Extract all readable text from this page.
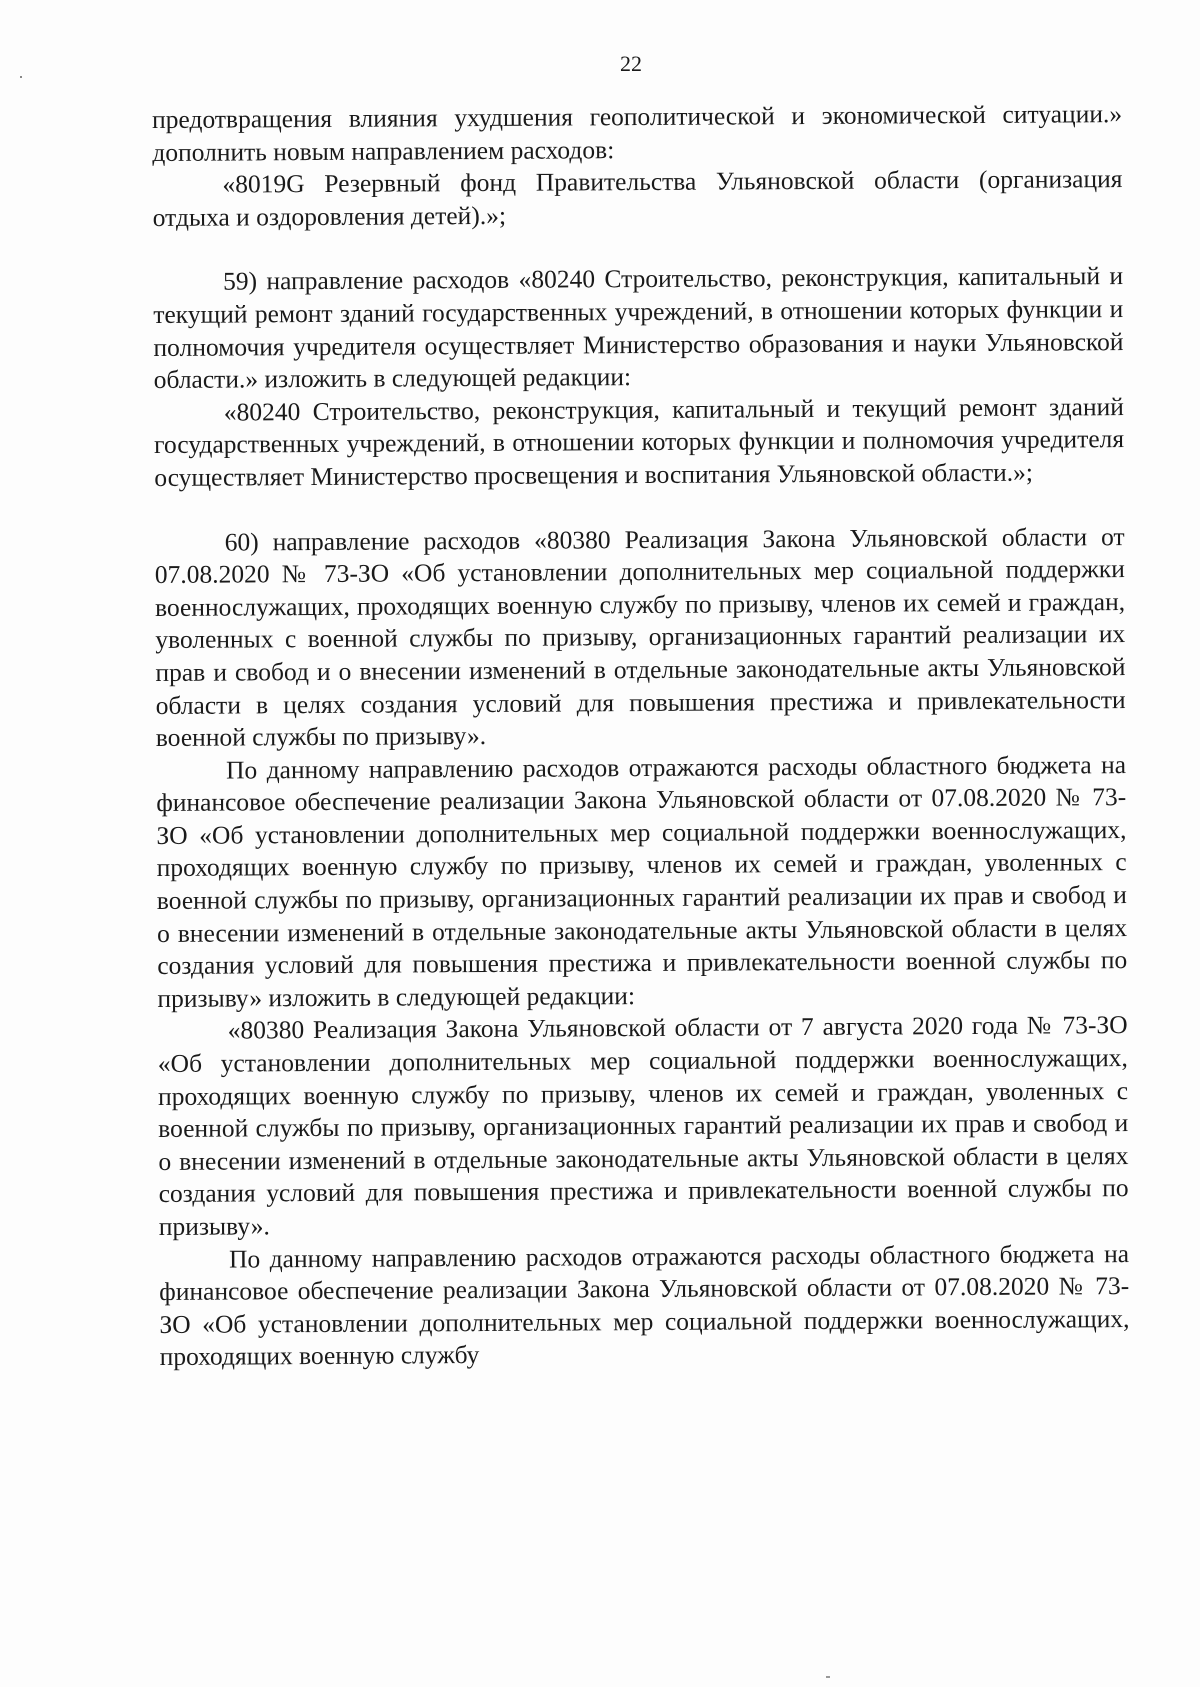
22

предотвращения влияния ухудшения геополитической и экономической ситуации.» дополнить новым направлением расходов:

«8019G Резервный фонд Правительства Ульяновской области (организация отдыха и оздоровления детей).»;

59) направление расходов «80240 Строительство, реконструкция, капитальный и текущий ремонт зданий государственных учреждений, в отношении которых функции и полномочия учредителя осуществляет Министерство образования и науки Ульяновской области.» изложить в следующей редакции:

«80240 Строительство, реконструкция, капитальный и текущий ремонт зданий государственных учреждений, в отношении которых функции и полномочия учредителя осуществляет Министерство просвещения и воспитания Ульяновской области.»;

60) направление расходов «80380 Реализация Закона Ульяновской области от 07.08.2020 № 73-ЗО «Об установлении дополнительных мер социальной поддержки военнослужащих, проходящих военную службу по призыву, членов их семей и граждан, уволенных с военной службы по призыву, организационных гарантий реализации их прав и свобод и о внесении изменений в отдельные законодательные акты Ульяновской области в целях создания условий для повышения престижа и привлекательности военной службы по призыву».

По данному направлению расходов отражаются расходы областного бюджета на финансовое обеспечение реализации Закона Ульяновской области от 07.08.2020 № 73-ЗО «Об установлении дополнительных мер социальной поддержки военнослужащих, проходящих военную службу по призыву, членов их семей и граждан, уволенных с военной службы по призыву, организационных гарантий реализации их прав и свобод и о внесении изменений в отдельные законодательные акты Ульяновской области в целях создания условий для повышения престижа и привлекательности военной службы по призыву» изложить в следующей редакции:

«80380 Реализация Закона Ульяновской области от 7 августа 2020 года № 73-ЗО «Об установлении дополнительных мер социальной поддержки военнослужащих, проходящих военную службу по призыву, членов их семей и граждан, уволенных с военной службы по призыву, организационных гарантий реализации их прав и свобод и о внесении изменений в отдельные законодательные акты Ульяновской области в целях создания условий для повышения престижа и привлекательности военной службы по призыву».

По данному направлению расходов отражаются расходы областного бюджета на финансовое обеспечение реализации Закона Ульяновской области от 07.08.2020 № 73-ЗО «Об установлении дополнительных мер социальной поддержки военнослужащих, проходящих военную службу
